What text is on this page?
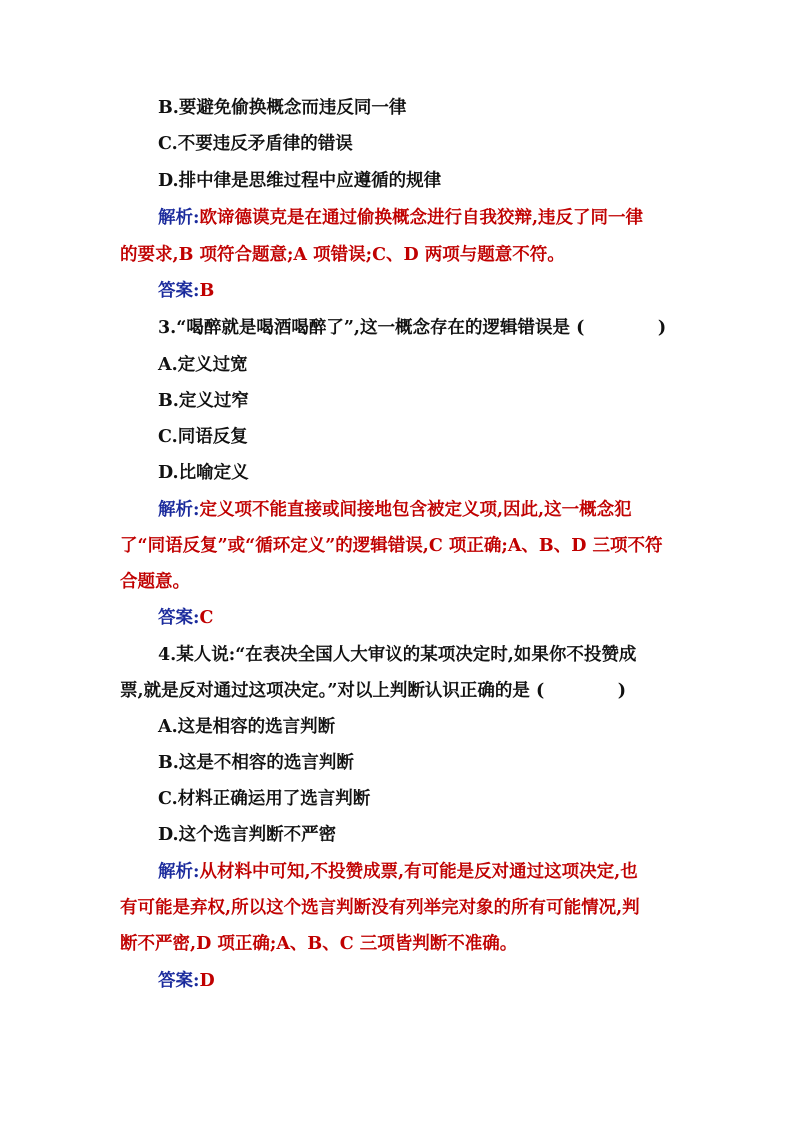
B.要避免偷换概念而违反同一律
C.不要违反矛盾律的错误
D.排中律是思维过程中应遵循的规律
解析:欧谛德谟克是在通过偷换概念进行自我狡辩,违反了同一律
的要求,B 项符合题意;A 项错误;C、D 两项与题意不符。
答案:B
3.“喝醉就是喝酒喝醉了”,这一概念存在的逻辑错误是 (	)
A.定义过宽
B.定义过窄
C.同语反复
D.比喻定义
解析:定义项不能直接或间接地包含被定义项,因此,这一概念犯
了“同语反复”或“循环定义”的逻辑错误,C 项正确;A、B、D 三项不符
合题意。
答案:C
4.某人说:“在表决全国人大审议的某项决定时,如果你不投赞成
票,就是反对通过这项决定。”对以上判断认识正确的是 (	)
A.这是相容的选言判断
B.这是不相容的选言判断
C.材料正确运用了选言判断
D.这个选言判断不严密
解析:从材料中可知,不投赞成票,有可能是反对通过这项决定,也
有可能是弃权,所以这个选言判断没有列举完对象的所有可能情况,判
断不严密,D 项正确;A、B、C 三项皆判断不准确。
答案:D
